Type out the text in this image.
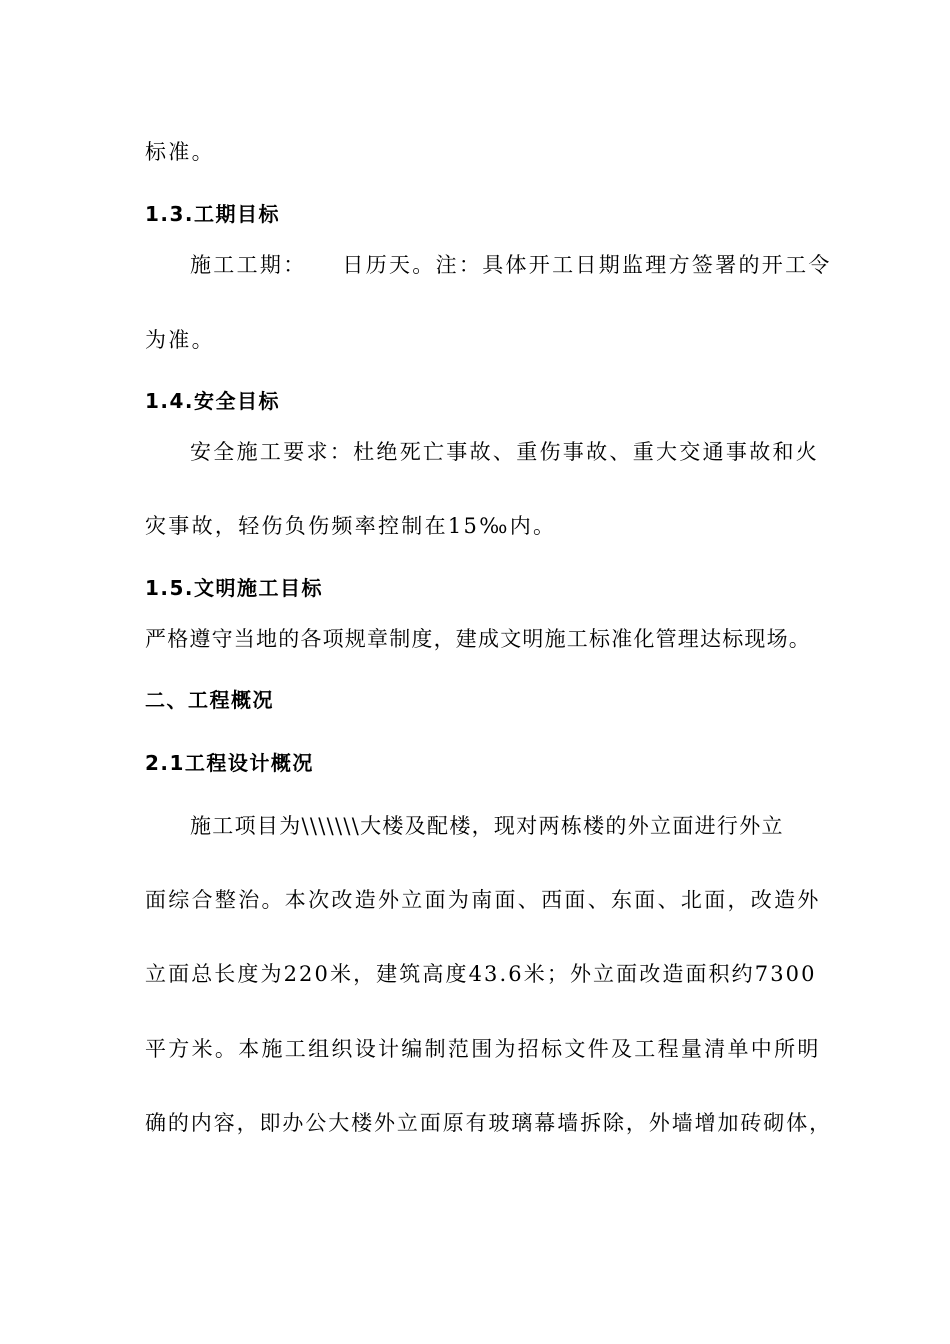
标准。
1.3.工期目标
施工工期：    日历天。注：具体开工日期监理方签署的开工令
为准。
1.4.安全目标
安全施工要求：杜绝死亡事故、重伤事故、重大交通事故和火
灾事故，轻伤负伤频率控制在15‰内。
1.5.文明施工目标
严格遵守当地的各项规章制度，建成文明施工标准化管理达标现场。
二、工程概况
2.1工程设计概况
施工项目为\\\\\\\大楼及配楼，现对两栋楼的外立面进行外立
面综合整治。本次改造外立面为南面、西面、东面、北面，改造外
立面总长度为220米，建筑高度43.6米；外立面改造面积约7300
平方米。本施工组织设计编制范围为招标文件及工程量清单中所明
确的内容，即办公大楼外立面原有玻璃幕墙拆除，外墙增加砖砌体，
